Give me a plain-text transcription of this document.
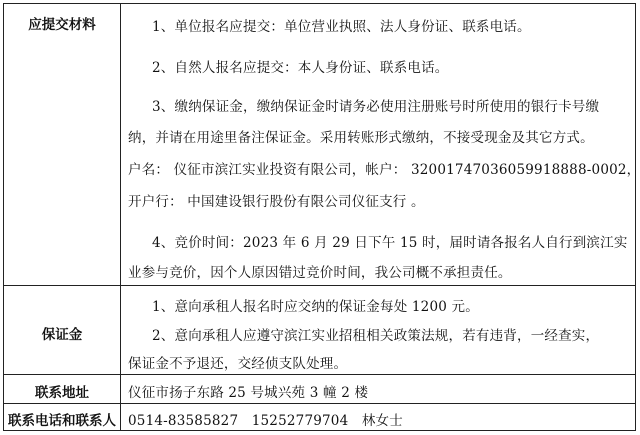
应提交材料	1、单位报名应提交：单位营业执照、法人身份证、联系电话。
2、自然人报名应提交：本人身份证、联系电话。
3、缴纳保证金，缴纳保证金时请务必使用注册账号时所使用的银行卡号缴
纳，并请在用途里备注保证金。采用转账形式缴纳，不接受现金及其它方式。
户名： 仪征市滨江实业投资有限公司，帐户： 32001747036059918888-0002，
开户行： 中国建设银行股份有限公司仪征支行 。
4、竞价时间：2023 年 6 月 29 日下午 15 时，届时请各报名人自行到滨江实
业参与竞价，因个人原因错过竞价时间，我公司概不承担责任。
保证金
1、意向承租人报名时应交纳的保证金每处 1200 元。
2、意向承租人应遵守滨江实业招租相关政策法规，若有违背，一经查实，
保证金不予退还，交经侦支队处理。
联系地址	仪征市扬子东路 25 号城兴苑 3 幢 2 楼
联系电话和联系人 0514-83585827   15252779704   林女士
